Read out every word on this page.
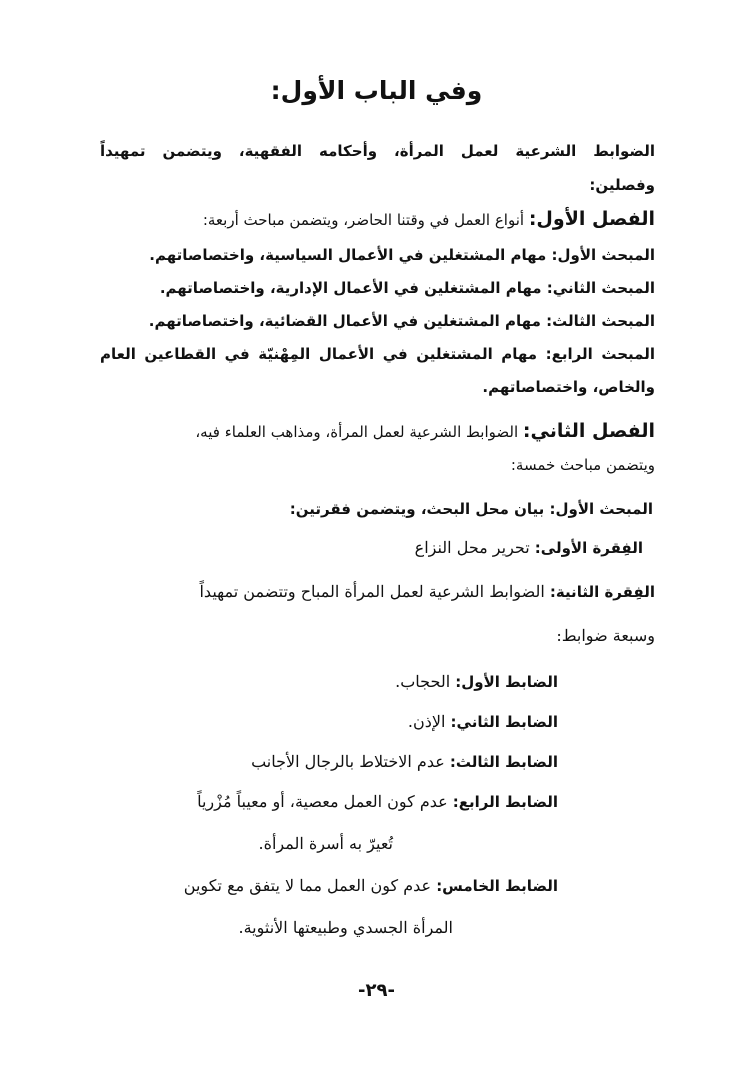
وفي الباب الأول:
الضوابط الشرعية لعمل المرأة، وأحكامه الفقهية، ويتضمن تمهيداً
وفصلين:
الفصل الأول: أنواع العمل في وقتنا الحاضر، ويتضمن مباحث أربعة:
المبحث الأول: مهام المشتغلين في الأعمال السياسية، واختصاصاتهم.
المبحث الثاني: مهام المشتغلين في الأعمال الإدارية، واختصاصاتهم.
المبحث الثالث: مهام المشتغلين في الأعمال القضائية، واختصاصاتهم.
المبحث الرابع: مهام المشتغلين في الأعمال المِهْنيّة في القطاعين العام
والخاص، واختصاصاتهم.
الفصل الثاني: الضوابط الشرعية لعمل المرأة، ومذاهب العلماء فيه،
ويتضمن مباحث خمسة:
المبحث الأول: بيان محل البحث، ويتضمن فقرتين:
الفِقرة الأولى: تحرير محل النزاع
الفِقرة الثانية: الضوابط الشرعية لعمل المرأة المباح وتتضمن تمهيداً
وسبعة ضوابط:
الضابط الأول: الحجاب.
الضابط الثاني: الإذن.
الضابط الثالث: عدم الاختلاط بالرجال الأجانب
الضابط الرابع: عدم كون العمل معصية، أو معيباً مُزْرياً
تُعيرّ به أسرة المرأة.
الضابط الخامس: عدم كون العمل مما لا يتفق مع تكوين
المرأة الجسدي وطبيعتها الأنثوية.
-٢٩-
